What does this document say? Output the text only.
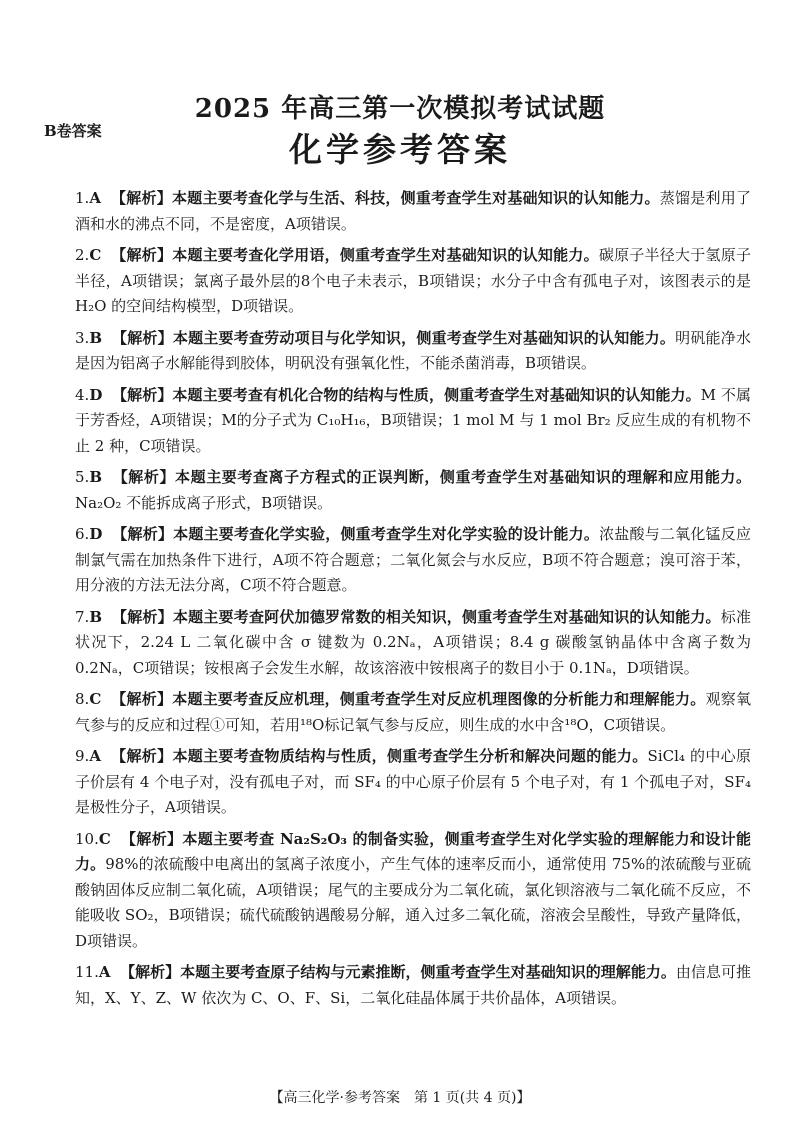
B卷答案
2025 年高三第一次模拟考试试题
化学参考答案

1.A 【解析】本题主要考查化学与生活、科技，侧重考查学生对基础知识的认知能力。蒸馏是利用了酒和水的沸点不同，不是密度，A项错误。

2.C 【解析】本题主要考查化学用语，侧重考查学生对基础知识的认知能力。碳原子半径大于氢原子半径，A项错误；氯离子最外层的8个电子未表示，B项错误；水分子中含有孤电子对，该图表示的是 H₂O 的空间结构模型，D项错误。

3.B 【解析】本题主要考查劳动项目与化学知识，侧重考查学生对基础知识的认知能力。明矾能净水是因为铝离子水解能得到胶体，明矾没有强氧化性，不能杀菌消毒，B项错误。

4.D 【解析】本题主要考查有机化合物的结构与性质，侧重考查学生对基础知识的认知能力。M 不属于芳香烃，A项错误；M的分子式为 C₁₀H₁₆，B项错误；1 mol M 与 1 mol Br₂ 反应生成的有机物不止 2 种，C项错误。

5.B 【解析】本题主要考查离子方程式的正误判断，侧重考查学生对基础知识的理解和应用能力。Na₂O₂ 不能拆成离子形式，B项错误。

6.D 【解析】本题主要考查化学实验，侧重考查学生对化学实验的设计能力。浓盐酸与二氧化锰反应制氯气需在加热条件下进行，A项不符合题意；二氧化氮会与水反应，B项不符合题意；溴可溶于苯，用分液的方法无法分离，C项不符合题意。

7.B 【解析】本题主要考查阿伏加德罗常数的相关知识，侧重考查学生对基础知识的认知能力。标准状况下，2.24 L 二氧化碳中含 σ 键数为 0.2Nₐ，A项错误；8.4 g 碳酸氢钠晶体中含离子数为 0.2Nₐ，C项错误；铵根离子会发生水解，故该溶液中铵根离子的数目小于 0.1Nₐ，D项错误。

8.C 【解析】本题主要考查反应机理，侧重考查学生对反应机理图像的分析能力和理解能力。观察氧气参与的反应和过程①可知，若用¹⁸O标记氧气参与反应，则生成的水中含¹⁸O，C项错误。

9.A 【解析】本题主要考查物质结构与性质，侧重考查学生分析和解决问题的能力。SiCl₄ 的中心原子价层有 4 个电子对，没有孤电子对，而 SF₄ 的中心原子价层有 5 个电子对，有 1 个孤电子对，SF₄ 是极性分子，A项错误。

10.C 【解析】本题主要考查 Na₂S₂O₃ 的制备实验，侧重考查学生对化学实验的理解能力和设计能力。98%的浓硫酸中电离出的氢离子浓度小，产生气体的速率反而小，通常使用 75%的浓硫酸与亚硫酸钠固体反应制二氧化硫，A项错误；尾气的主要成分为二氧化硫，氯化钡溶液与二氧化硫不反应，不能吸收 SO₂，B项错误；硫代硫酸钠遇酸易分解，通入过多二氧化硫，溶液会呈酸性，导致产量降低，D项错误。

11.A 【解析】本题主要考查原子结构与元素推断，侧重考查学生对基础知识的理解能力。由信息可推知，X、Y、Z、W 依次为 C、O、F、Si，二氧化硅晶体属于共价晶体，A项错误。

【高三化学·参考答案　第 1 页(共 4 页)】
